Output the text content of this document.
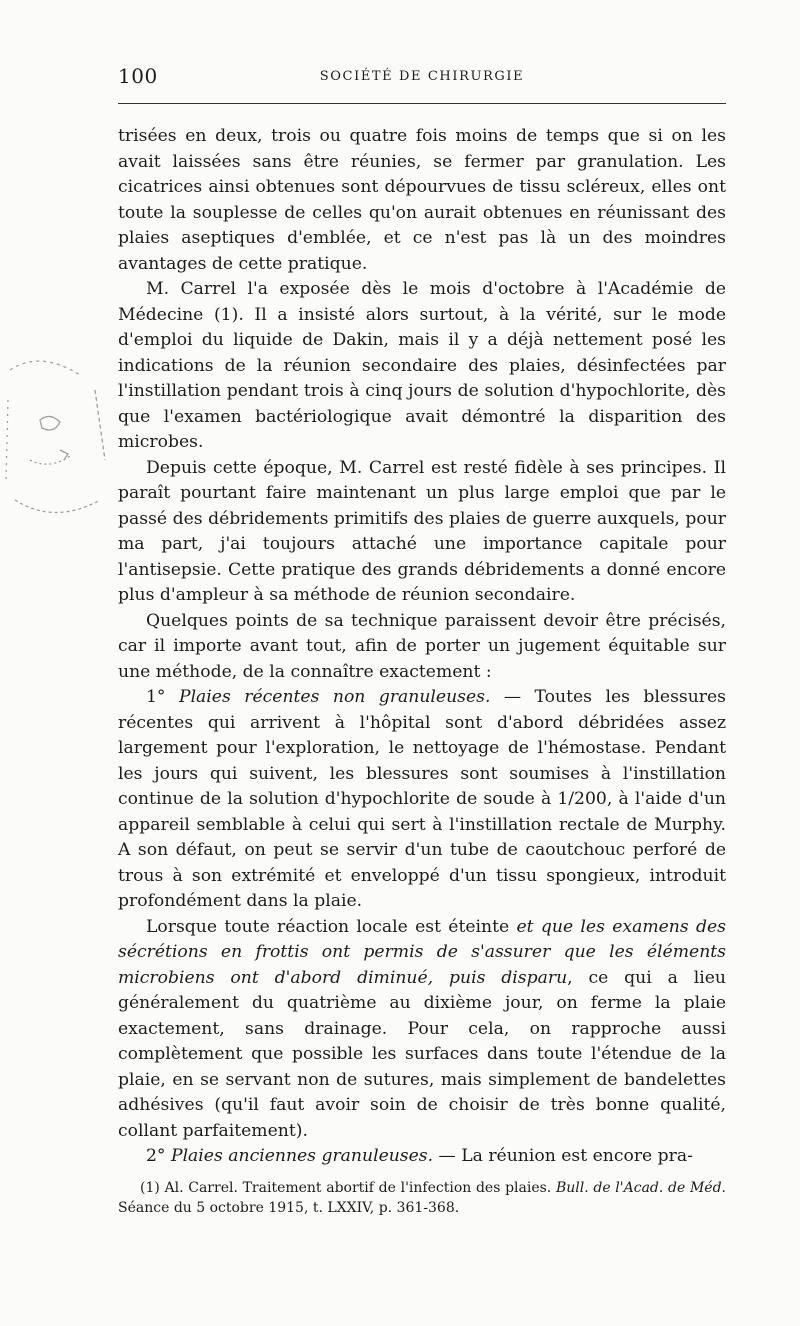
100	SOCIÉTÉ DE CHIRURGIE

trisées en deux, trois ou quatre fois moins de temps que si on les avait laissées sans être réunies, se fermer par granulation. Les cicatrices ainsi obtenues sont dépourvues de tissu scléreux, elles ont toute la souplesse de celles qu'on aurait obtenues en réunissant des plaies aseptiques d'emblée, et ce n'est pas là un des moindres avantages de cette pratique.

M. Carrel l'a exposée dès le mois d'octobre à l'Académie de Médecine (1). Il a insisté alors surtout, à la vérité, sur le mode d'emploi du liquide de Dakin, mais il y a déjà nettement posé les indications de la réunion secondaire des plaies, désinfectées par l'instillation pendant trois à cinq jours de solution d'hypochlorite, dès que l'examen bactériologique avait démontré la disparition des microbes.

Depuis cette époque, M. Carrel est resté fidèle à ses principes. Il paraît pourtant faire maintenant un plus large emploi que par le passé des débridements primitifs des plaies de guerre auxquels, pour ma part, j'ai toujours attaché une importance capitale pour l'antisepsie. Cette pratique des grands débridements a donné encore plus d'ampleur à sa méthode de réunion secondaire.

Quelques points de sa technique paraissent devoir être précisés, car il importe avant tout, afin de porter un jugement équitable sur une méthode, de la connaître exactement :

1° Plaies récentes non granuleuses. — Toutes les blessures récentes qui arrivent à l'hôpital sont d'abord débridées assez largement pour l'exploration, le nettoyage de l'hémostase. Pendant les jours qui suivent, les blessures sont soumises à l'instillation continue de la solution d'hypochlorite de soude à 1/200, à l'aide d'un appareil semblable à celui qui sert à l'instillation rectale de Murphy. A son défaut, on peut se servir d'un tube de caoutchouc perforé de trous à son extrémité et enveloppé d'un tissu spongieux, introduit profondément dans la plaie.

Lorsque toute réaction locale est éteinte et que les examens des sécrétions en frottis ont permis de s'assurer que les éléments microbiens ont d'abord diminué, puis disparu, ce qui a lieu généralement du quatrième au dixième jour, on ferme la plaie exactement, sans drainage. Pour cela, on rapproche aussi complètement que possible les surfaces dans toute l'étendue de la plaie, en se servant non de sutures, mais simplement de bandelettes adhésives (qu'il faut avoir soin de choisir de très bonne qualité, collant parfaitement).

2° Plaies anciennes granuleuses. — La réunion est encore pra-

(1) Al. Carrel. Traitement abortif de l'infection des plaies. Bull. de l'Acad. de Méd. Séance du 5 octobre 1915, t. LXXIV, p. 361-368.
